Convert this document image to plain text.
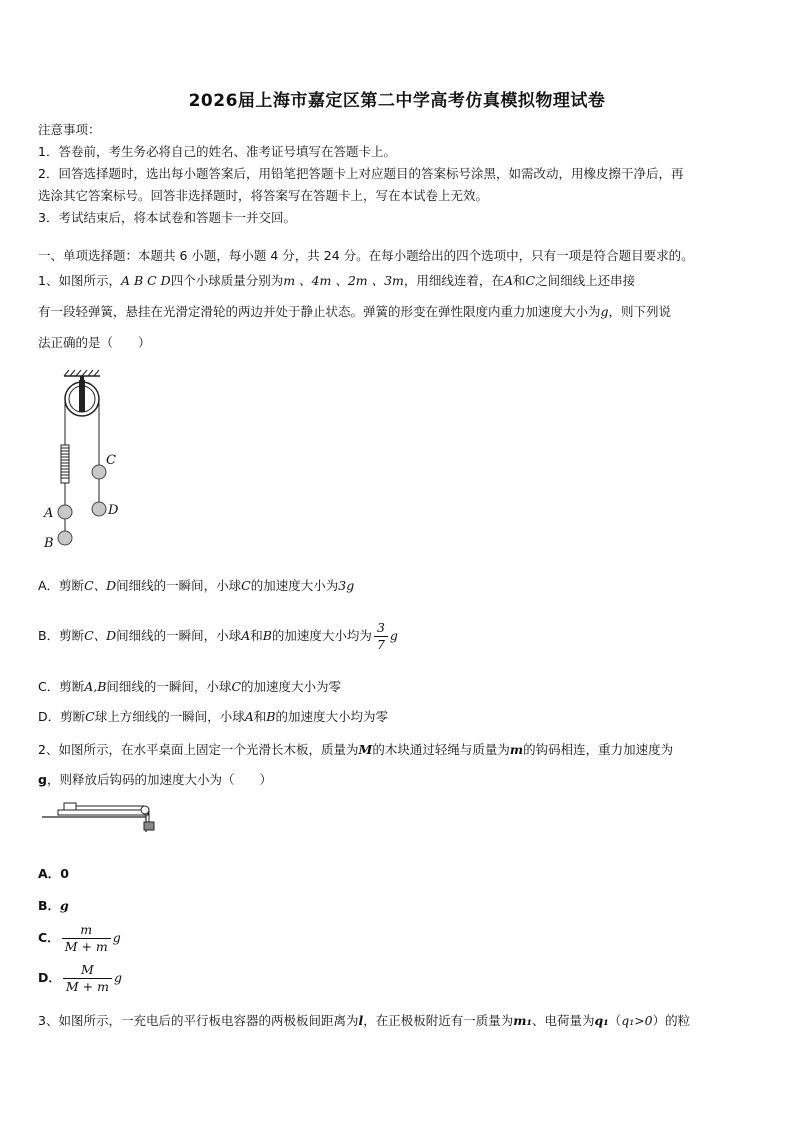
2026届上海市嘉定区第二中学高考仿真模拟物理试卷
注意事项：
1．答卷前，考生务必将自己的姓名、准考证号填写在答题卡上。
2．回答选择题时，选出每小题答案后，用铅笔把答题卡上对应题目的答案标号涂黑，如需改动，用橡皮擦干净后，再
选涂其它答案标号。回答非选择题时，将答案写在答题卡上，写在本试卷上无效。
3．考试结束后，将本试卷和答题卡一并交回。
一、单项选择题：本题共 6 小题，每小题 4 分，共 24 分。在每小题给出的四个选项中，只有一项是符合题目要求的。
1、如图所示，A B C D四个小球质量分别为m 、4m 、2m 、3m，用细线连着，在A和C之间细线上还串接
有一段轻弹簧，悬挂在光滑定滑轮的两边并处于静止状态。弹簧的形变在弹性限度内重力加速度大小为g，则下列说
法正确的是（　　）
C
A	D
B
A．剪断C、D间细线的一瞬间，小球C的加速度大小为3g
B．剪断C、D间细线的一瞬间，小球A和B的加速度大小均为 $\frac{3}{7}$ g
C．剪断A,B间细线的一瞬间，小球C的加速度大小为零
D．剪断C球上方细线的一瞬间，小球A和B的加速度大小均为零
2、如图所示，在水平桌面上固定一个光滑长木板，质量为M的木块通过轻绳与质量为m的钩码相连，重力加速度为
g，则释放后钩码的加速度大小为（　　）
A．0
B．g
C． $\frac{m}{M + m}$ g
D． $\frac{M}{M + m}$ g
3、如图所示，一充电后的平行板电容器的两极板间距离为l，在正极板附近有一质量为m₁、电荷量为q₁（q₁>0）的粒
